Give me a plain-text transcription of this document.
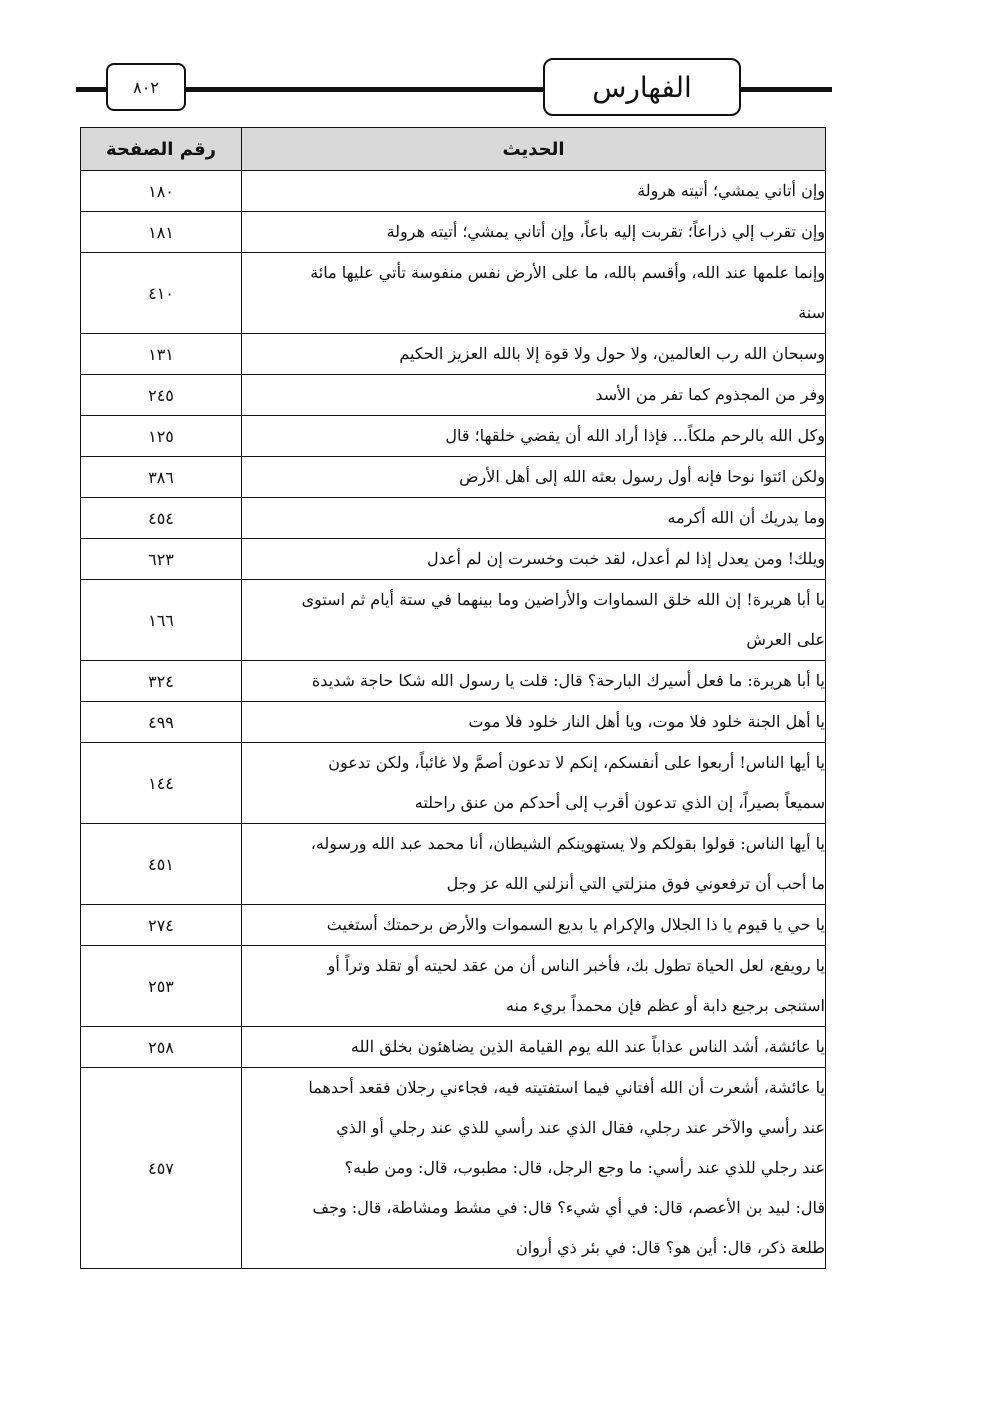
٨٠٢	الفهارس
الحديث	رقم الصفحة
وإن أتاني يمشي؛ أتيته هرولة	١٨٠
وإن تقرب إلي ذراعاً؛ تقربت إليه باعاً، وإن أتاني يمشي؛ أتيته هرولة	١٨١
وإنما علمها عند الله، وأقسم بالله، ما على الأرض نفس منفوسة تأتي عليها مائة
سنة	٤١٠
وسبحان الله رب العالمين، ولا حول ولا قوة إلا بالله العزيز الحكيم	١٣١
وفر من المجذوم كما تفر من الأسد	٢٤٥
وكل الله بالرحم ملكاً... فإذا أراد الله أن يقضي خلقها؛ قال	١٢٥
ولكن ائتوا نوحا فإنه أول رسول بعثه الله إلى أهل الأرض	٣٨٦
وما يدريك أن الله أكرمه	٤٥٤
ويلك! ومن يعدل إذا لم أعدل، لقد خبت وخسرت إن لم أعدل	٦٢٣
يا أبا هريرة! إن الله خلق السماوات والأراضين وما بينهما في ستة أيام ثم استوى
على العرش	١٦٦
يا أبا هريرة: ما فعل أسيرك البارحة؟ قال: قلت يا رسول الله شكا حاجة شديدة	٣٢٤
يا أهل الجنة خلود فلا موت، ويا أهل النار خلود فلا موت	٤٩٩
يا أيها الناس! أربعوا على أنفسكم، إنكم لا تدعون أصمَّ ولا غائباً، ولكن تدعون
سميعاً بصيراً، إن الذي تدعون أقرب إلى أحدكم من عنق راحلته	١٤٤
يا أيها الناس: قولوا بقولكم ولا يستهوينكم الشيطان، أنا محمد عبد الله ورسوله،
ما أحب أن ترفعوني فوق منزلتي التي أنزلني الله عز وجل	٤٥١
يا حي يا قيوم يا ذا الجلال والإكرام يا بديع السموات والأرض برحمتك أستغيث	٢٧٤
يا رويفع، لعل الحياة تطول بك، فأخبر الناس أن من عقد لحيته أو تقلد وتراً أو
استنجى برجيع دابة أو عظم فإن محمداً بريء منه	٢٥٣
يا عائشة، أشد الناس عذاباً عند الله يوم القيامة الذين يضاهئون بخلق الله	٢٥٨
يا عائشة، أشعرت أن الله أفتاني فيما استفتيته فيه، فجاءني رجلان فقعد أحدهما
عند رأسي والآخر عند رجلي، فقال الذي عند رأسي للذي عند رجلي أو الذي
عند رجلي للذي عند رأسي: ما وجع الرجل، قال: مطبوب، قال: ومن طبه؟
قال: لبيد بن الأعصم، قال: في أي شيء؟ قال: في مشط ومشاطة، قال: وجف
طلعة ذكر، قال: أين هو؟ قال: في بئر ذي أروان	٤٥٧
